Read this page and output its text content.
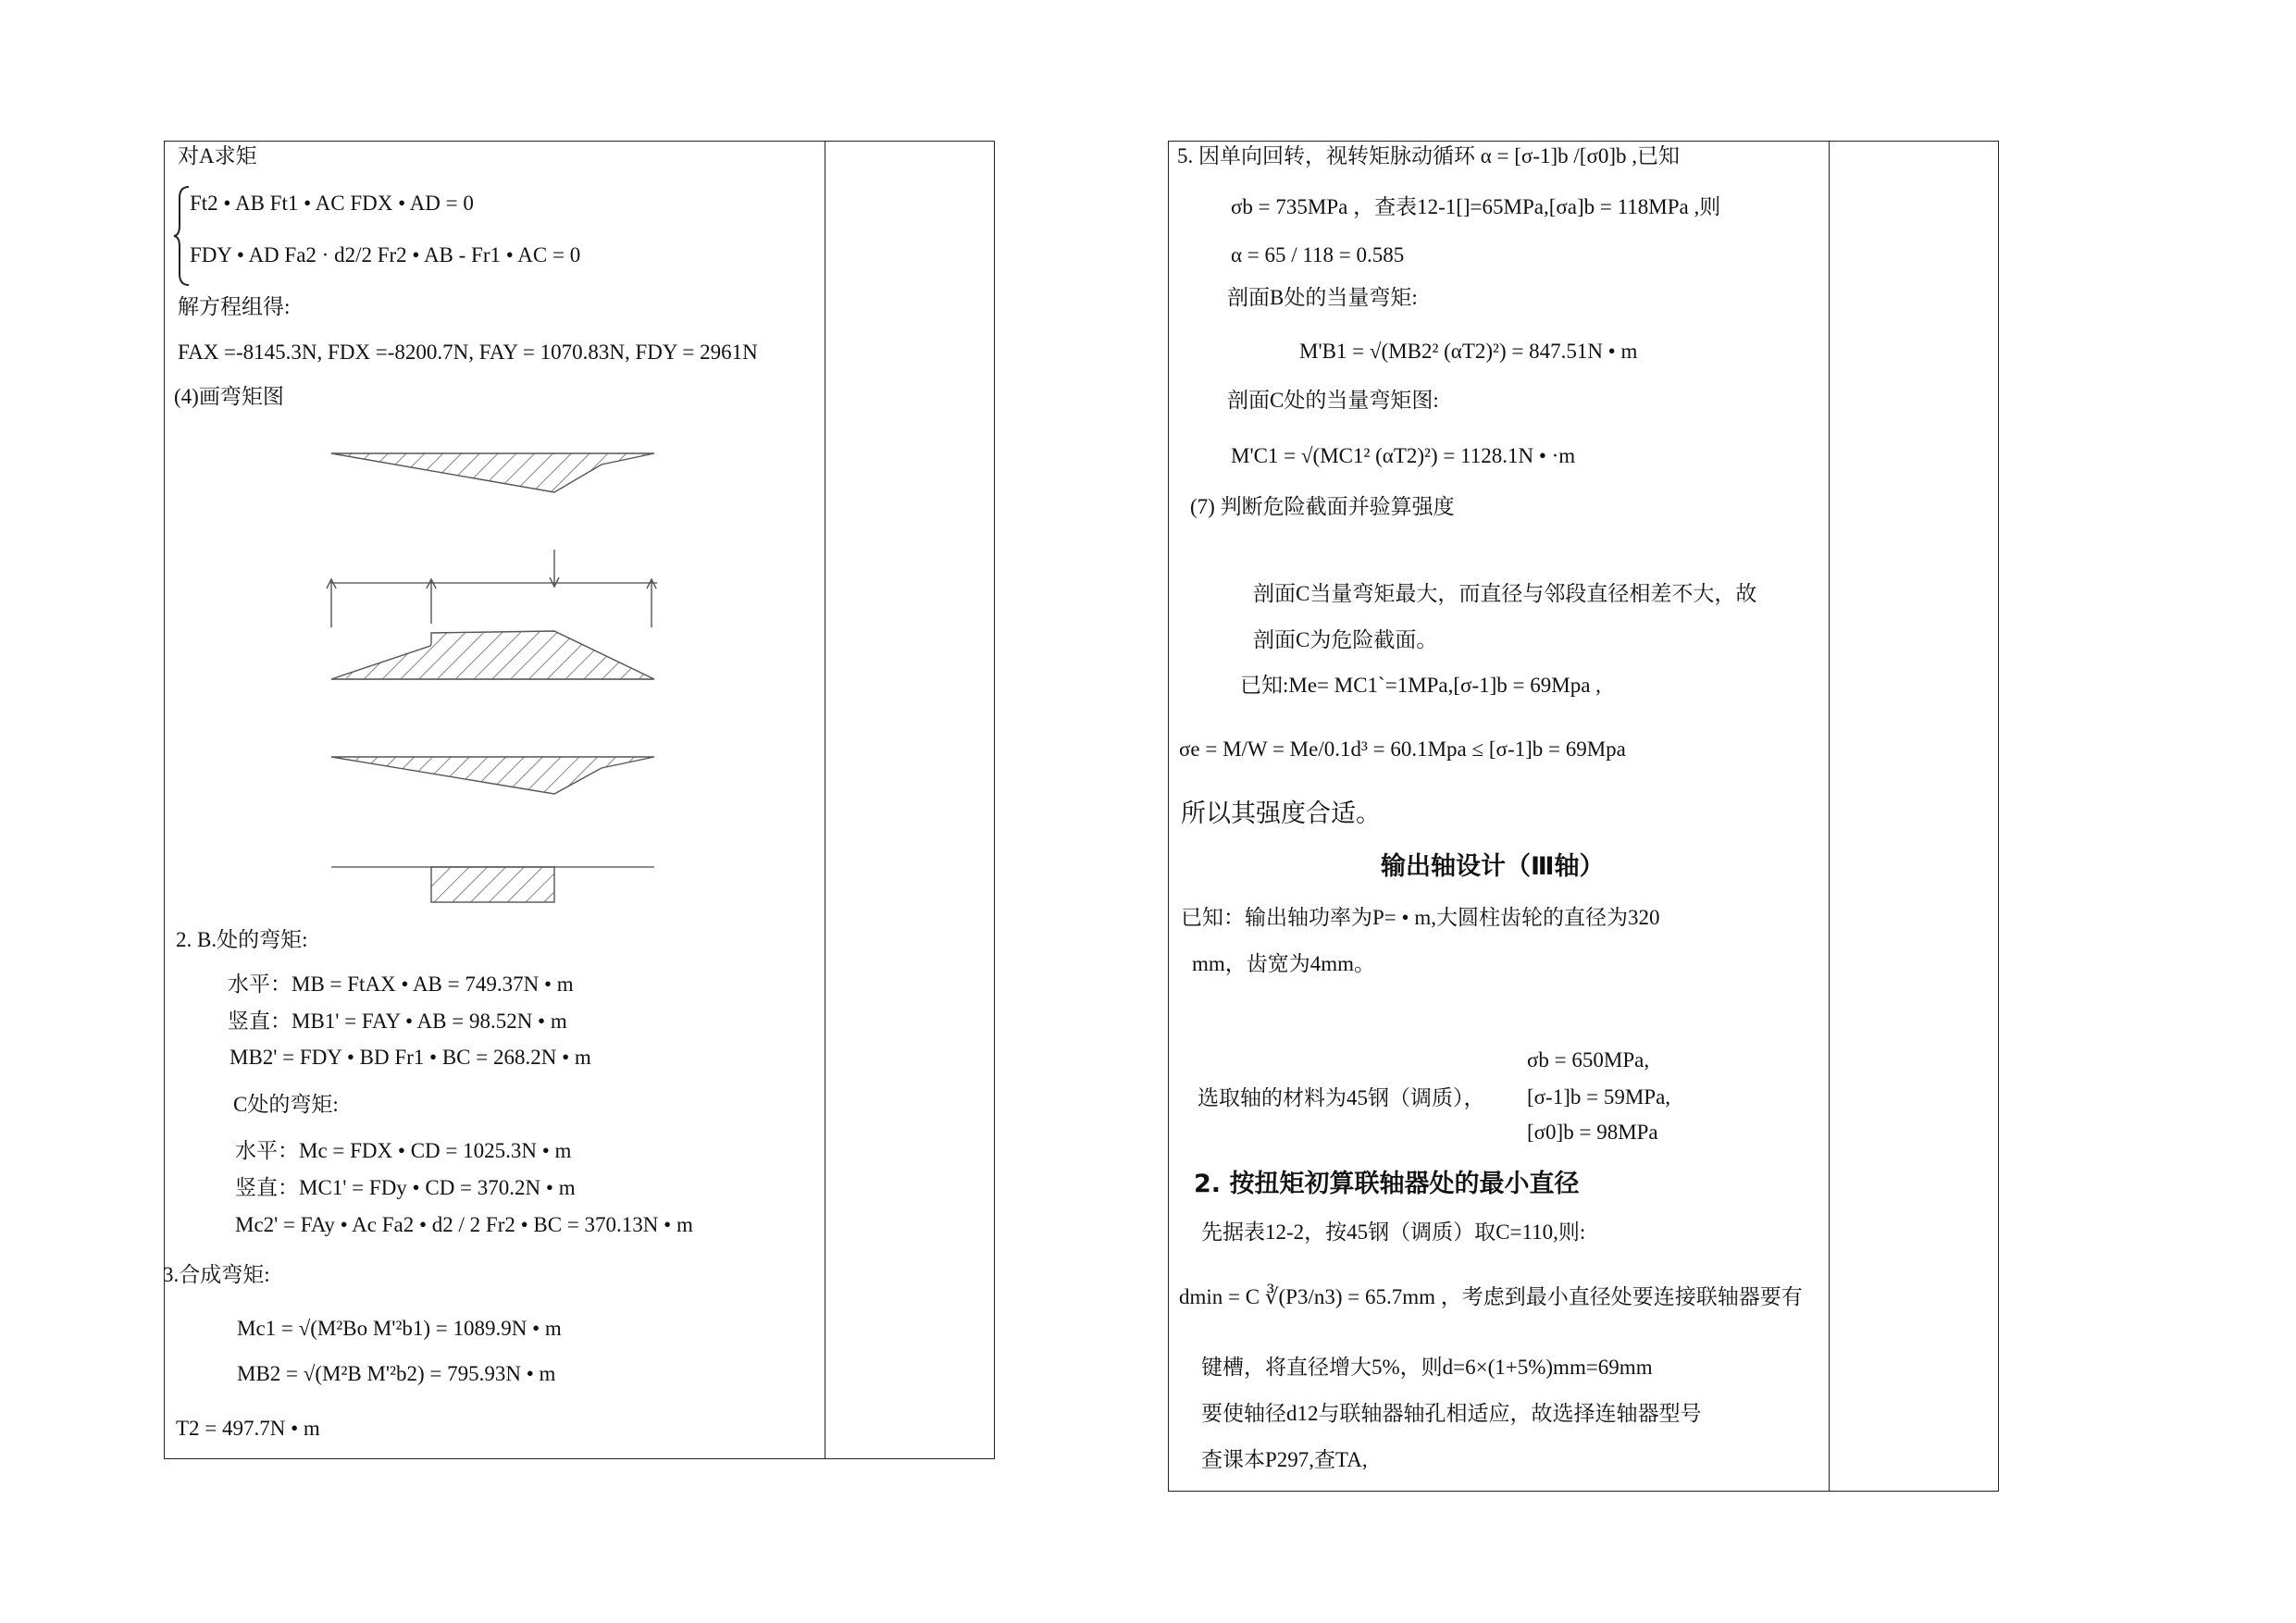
对A求矩
Ft2 • AB Ft1 • AC FDX • AD = 0
FDY • AD Fa2 · d2/2 Fr2 • AB - Fr1 • AC = 0
解方程组得:
FAX =-8145.3N, FDX =-8200.7N, FAY = 1070.83N, FDY = 2961N
(4)画弯矩图
2. B.处的弯矩:
水平：MB = FtAX • AB = 749.37N • m
竖直：MB1' = FAY • AB = 98.52N • m
MB2' = FDY • BD Fr1 • BC = 268.2N • m
C处的弯矩:
水平：Mc = FDX • CD = 1025.3N • m
竖直：MC1' = FDy • CD = 370.2N • m
Mc2' = FAy • Ac Fa2 • d2 / 2 Fr2 • BC = 370.13N • m
3.合成弯矩:
Mc1 = √(M²Bo M'²b1) = 1089.9N • m
MB2 = √(M²B M'²b2) = 795.93N • m
T2 = 497.7N • m
5. 因单向回转，视转矩脉动循环 α = [σ-1]b /[σ0]b ,已知
σb = 735MPa ，查表12-1[]=65MPa,[σa]b = 118MPa ,则
α = 65 / 118 = 0.585
剖面B处的当量弯矩:
M'B1 = √(MB2² (αT2)²) = 847.51N • m
剖面C处的当量弯矩图:
M'C1 = √(MC1² (αT2)²) = 1128.1N • ·m
(7) 判断危险截面并验算强度
剖面C当量弯矩最大，而直径与邻段直径相差不大，故
剖面C为危险截面。
已知:Me= MC1`=1MPa,[σ-1]b = 69Mpa ,
σe = M/W = Me/0.1d³ = 60.1Mpa ≤ [σ-1]b = 69Mpa
所以其强度合适。
输出轴设计（Ⅲ轴）
已知：输出轴功率为P= • m,大圆柱齿轮的直径为320
mm，齿宽为4mm。
选取轴的材料为45钢（调质），
σb = 650MPa,
[σ-1]b = 59MPa,
[σ0]b = 98MPa
2. 按扭矩初算联轴器处的最小直径
先据表12-2，按45钢（调质）取C=110,则:
dmin = C ∛(P3/n3) = 65.7mm ，考虑到最小直径处要连接联轴器要有
键槽，将直径增大5%，则d=6×(1+5%)mm=69mm
要使轴径d12与联轴器轴孔相适应，故选择连轴器型号
查课本P297,查TA,
